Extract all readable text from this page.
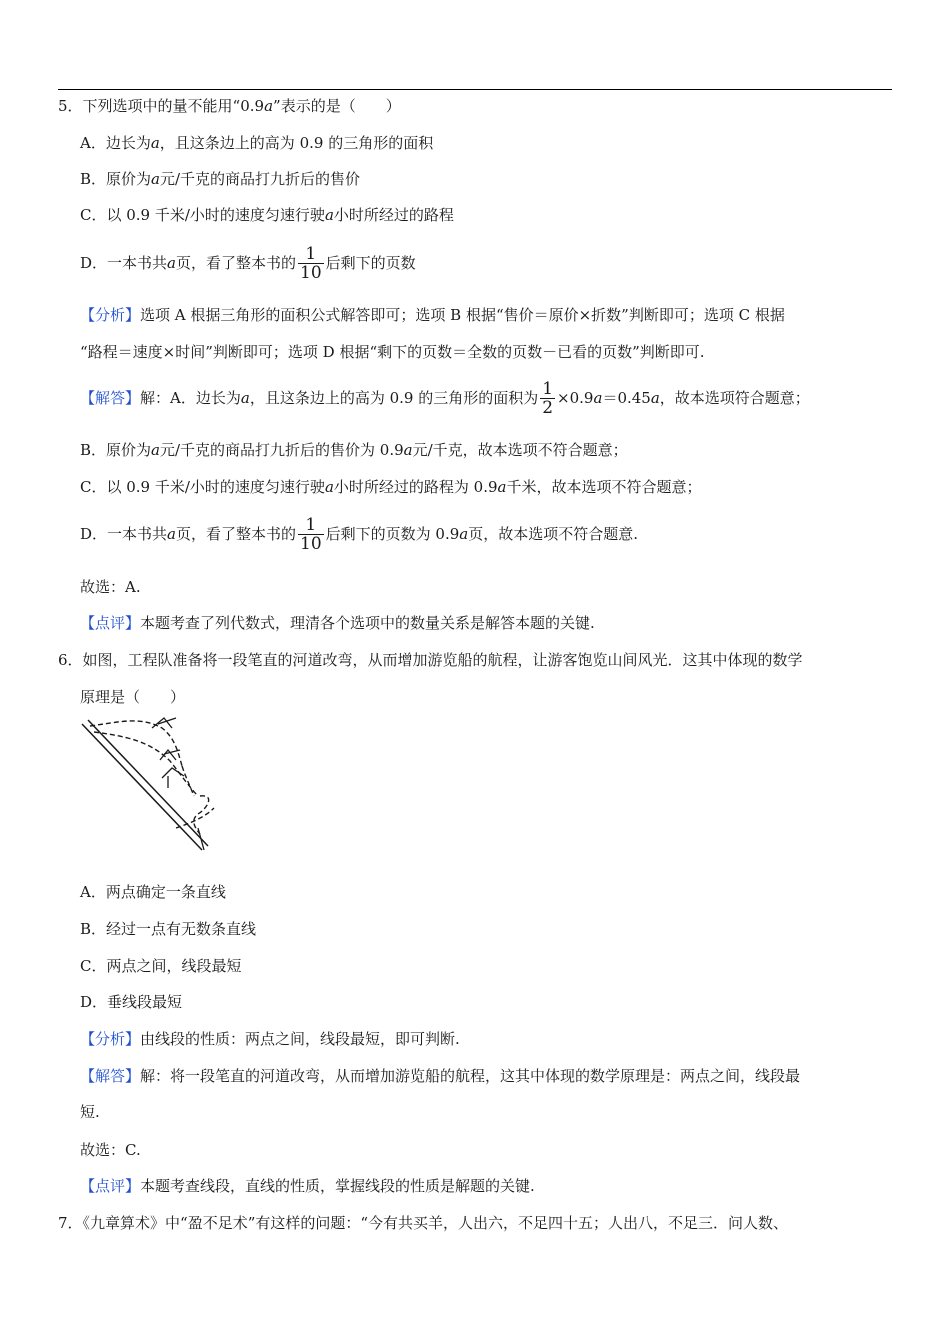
5．下列选项中的量不能用“0.9a”表示的是（　　）
A．边长为a，且这条边上的高为 0.9 的三角形的面积
B．原价为a元/千克的商品打九折后的售价
C．以 0.9 千米/小时的速度匀速行驶a小时所经过的路程
D．一本书共a页，看了整本书的 $\frac{1}{10}$ 后剩下的页数
【分析】选项 A 根据三角形的面积公式解答即可；选项 B 根据“售价＝原价×折数”判断即可；选项 C 根据
“路程＝速度×时间”判断即可；选项 D 根据“剩下的页数＝全数的页数－已看的页数”判断即可.
【解答】解：A．边长为a，且这条边上的高为 0.9 的三角形的面积为 $\frac{1}{2} \times 0.9a=0.45a$，故本选项符合题意；
B．原价为a元/千克的商品打九折后的售价为 0.9a元/千克，故本选项不符合题意；
C．以 0.9 千米/小时的速度匀速行驶a小时所经过的路程为 0.9a千米，故本选项不符合题意；
D．一本书共a页，看了整本书的 $\frac{1}{10}$ 后剩下的页数为 0.9a页，故本选项不符合题意.
故选：A.
【点评】本题考查了列代数式，理清各个选项中的数量关系是解答本题的关键.
6．如图，工程队准备将一段笔直的河道改弯，从而增加游览船的航程，让游客饱览山间风光．这其中体现的数学
原理是（　　）
A．两点确定一条直线
B．经过一点有无数条直线
C．两点之间，线段最短
D．垂线段最短
【分析】由线段的性质：两点之间，线段最短，即可判断.
【解答】解：将一段笔直的河道改弯，从而增加游览船的航程，这其中体现的数学原理是：两点之间，线段最
短.
故选：C.
【点评】本题考查线段，直线的性质，掌握线段的性质是解题的关键.
7．《九章算术》中“盈不足术”有这样的问题：“今有共买羊，人出六，不足四十五；人出八，不足三．问人数、
